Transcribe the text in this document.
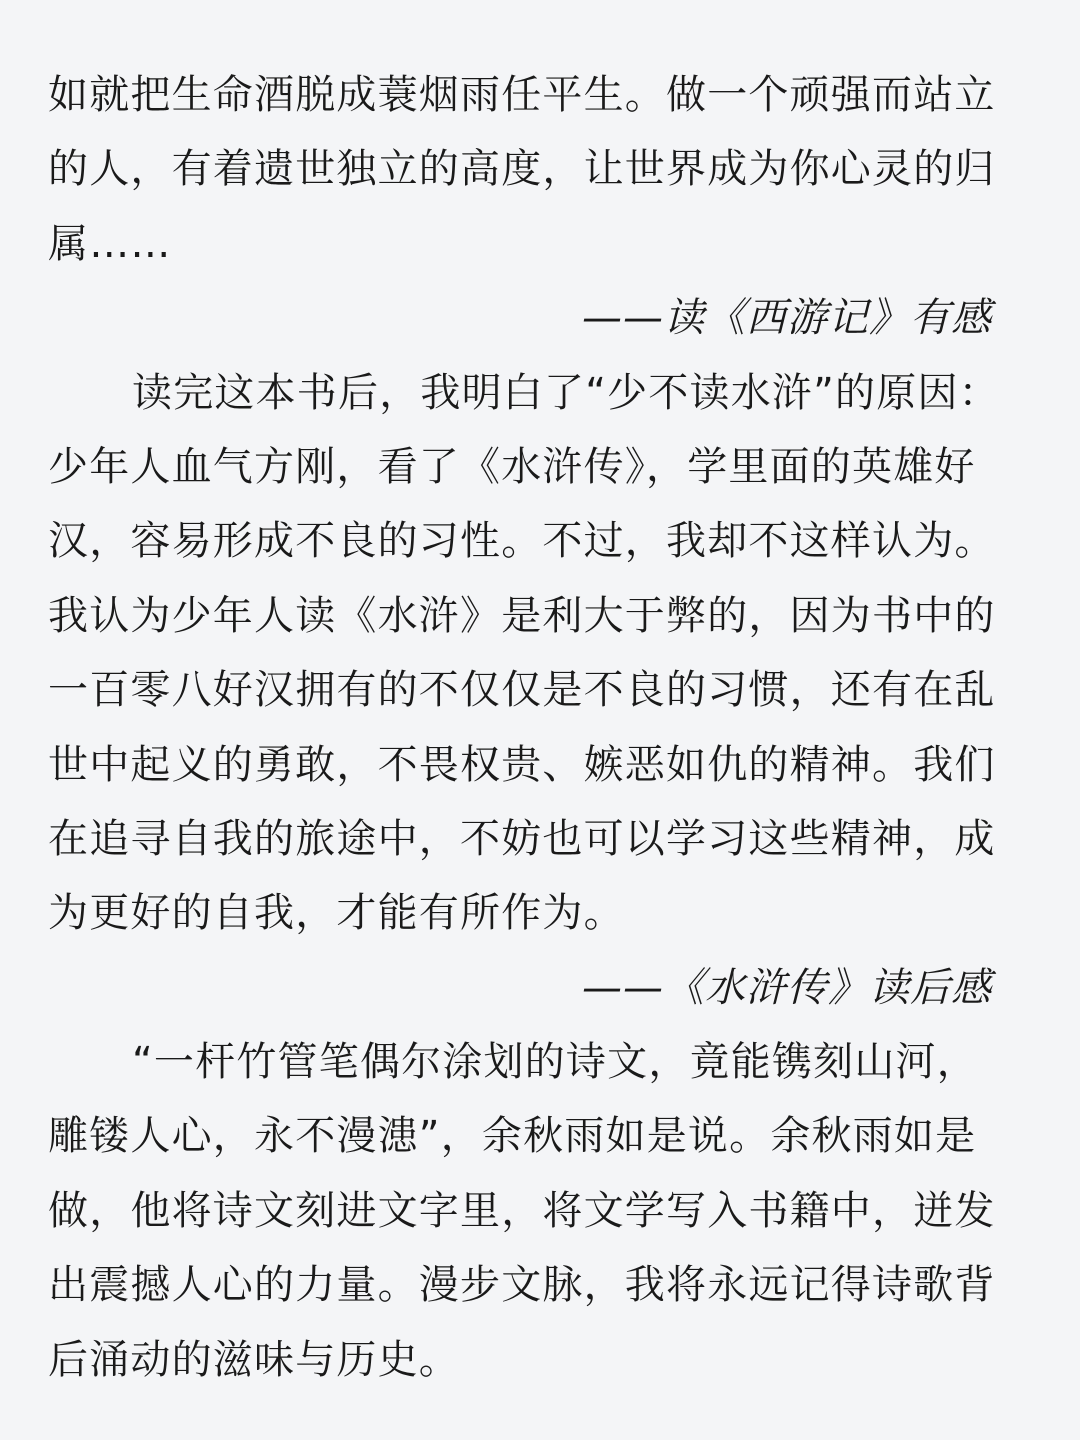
如就把生命酒脱成蓑烟雨任平生。做一个顽强而站立
的人，有着遗世独立的高度，让世界成为你心灵的归
属……
——读《西游记》有感
读完这本书后，我明白了“少不读水浒”的原因：
少年人血气方刚，看了《水浒传》，学里面的英雄好
汉，容易形成不良的习性。不过，我却不这样认为。
我认为少年人读《水浒》是利大于弊的，因为书中的
一百零八好汉拥有的不仅仅是不良的习惯，还有在乱
世中起义的勇敢，不畏权贵、嫉恶如仇的精神。我们
在追寻自我的旅途中，不妨也可以学习这些精神，成
为更好的自我，才能有所作为。
——《水浒传》读后感
“一杆竹管笔偶尔涂划的诗文，竟能镌刻山河，
雕镂人心，永不漫漶”，余秋雨如是说。余秋雨如是
做，他将诗文刻进文字里，将文学写入书籍中，迸发
出震撼人心的力量。漫步文脉，我将永远记得诗歌背
后涌动的滋味与历史。
